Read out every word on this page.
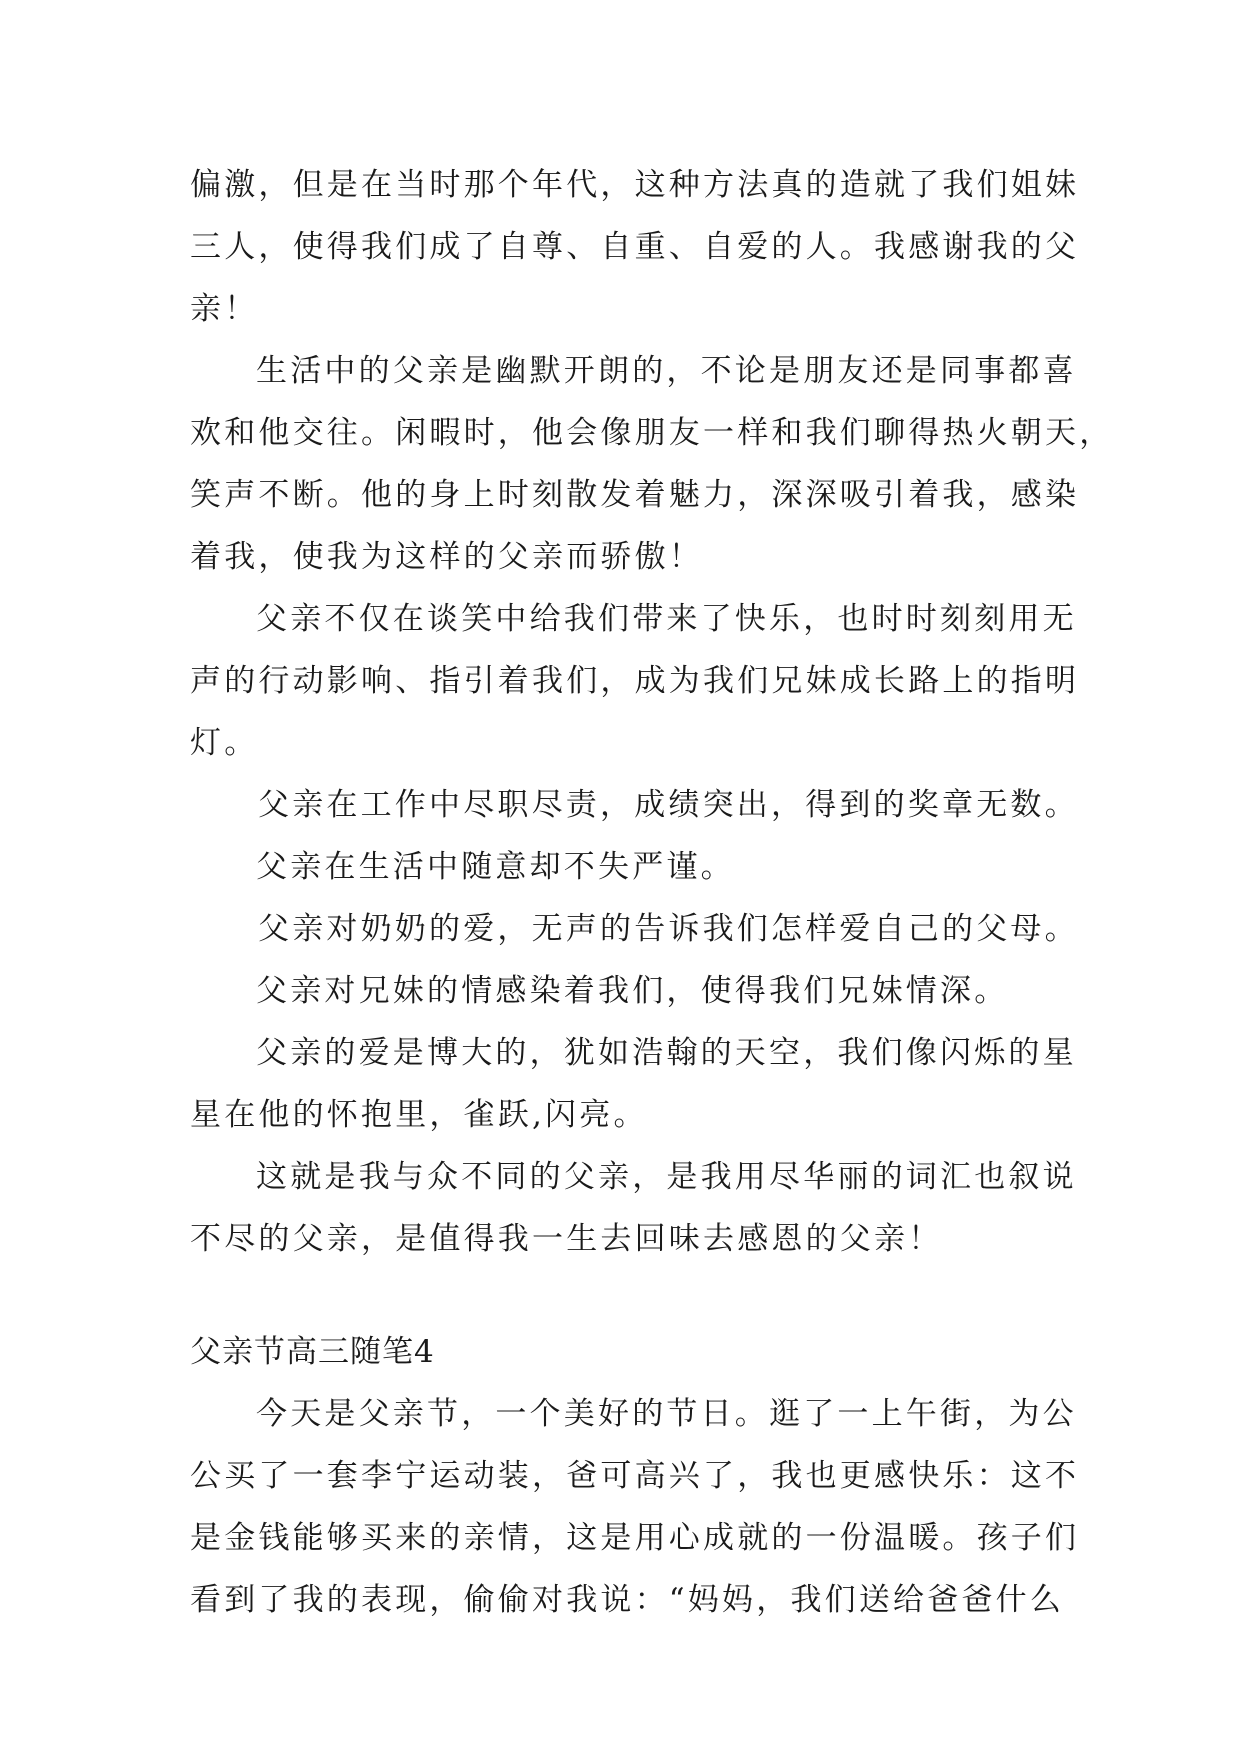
偏激，但是在当时那个年代，这种方法真的造就了我们姐妹
三人，使得我们成了自尊、自重、自爱的人。我感谢我的父
亲！
生活中的父亲是幽默开朗的，不论是朋友还是同事都喜
欢和他交往。闲暇时，他会像朋友一样和我们聊得热火朝天，
笑声不断。他的身上时刻散发着魅力，深深吸引着我，感染
着我，使我为这样的父亲而骄傲！
父亲不仅在谈笑中给我们带来了快乐，也时时刻刻用无
声的行动影响、指引着我们，成为我们兄妹成长路上的指明
灯。
父亲在工作中尽职尽责，成绩突出，得到的奖章无数。
父亲在生活中随意却不失严谨。
父亲对奶奶的爱，无声的告诉我们怎样爱自己的父母。
父亲对兄妹的情感染着我们，使得我们兄妹情深。
父亲的爱是博大的，犹如浩翰的天空，我们像闪烁的星
星在他的怀抱里，雀跃,闪亮。
这就是我与众不同的父亲，是我用尽华丽的词汇也叙说
不尽的父亲，是值得我一生去回味去感恩的父亲！
父亲节高三随笔4
今天是父亲节，一个美好的节日。逛了一上午街，为公
公买了一套李宁运动装，爸可高兴了，我也更感快乐：这不
是金钱能够买来的亲情，这是用心成就的一份温暖。孩子们
看到了我的表现，偷偷对我说：“妈妈，我们送给爸爸什么
